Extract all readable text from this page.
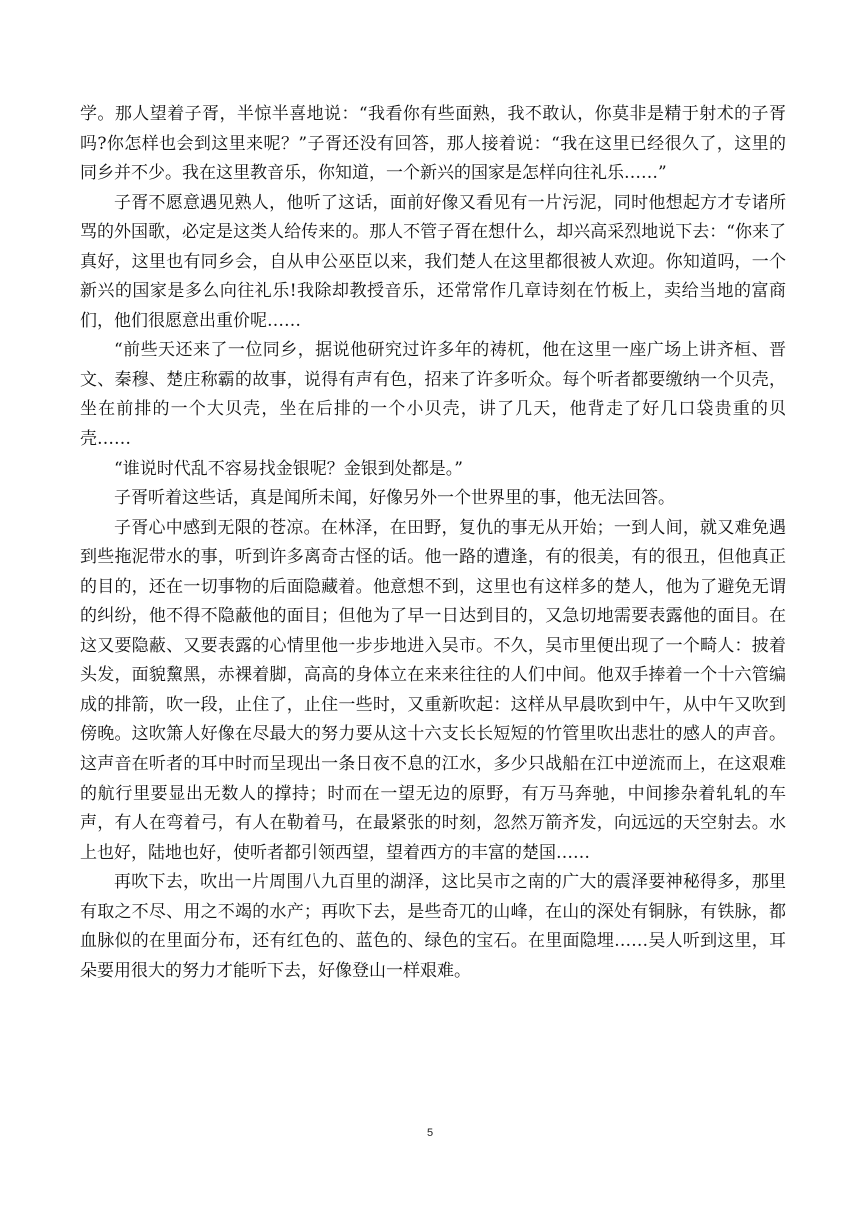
学。那人望着子胥，半惊半喜地说：“我看你有些面熟，我不敢认，你莫非是精于射术的子胥吗?你怎样也会到这里来呢？”子胥还没有回答，那人接着说：“我在这里已经很久了，这里的同乡并不少。我在这里教音乐，你知道，一个新兴的国家是怎样向往礼乐……”

子胥不愿意遇见熟人，他听了这话，面前好像又看见有一片污泥，同时他想起方才专诸所骂的外国歌，必定是这类人给传来的。那人不管子胥在想什么，却兴高采烈地说下去：“你来了真好，这里也有同乡会，自从申公巫臣以来，我们楚人在这里都很被人欢迎。你知道吗，一个新兴的国家是多么向往礼乐!我除却教授音乐，还常常作几章诗刻在竹板上，卖给当地的富商们，他们很愿意出重价呢……

“前些天还来了一位同乡，据说他研究过许多年的祷杌，他在这里一座广场上讲齐桓、晋文、秦穆、楚庄称霸的故事，说得有声有色，招来了许多听众。每个听者都要缴纳一个贝壳，坐在前排的一个大贝壳，坐在后排的一个小贝壳，讲了几天，他背走了好几口袋贵重的贝壳……

“谁说时代乱不容易找金银呢？金银到处都是。”

子胥听着这些话，真是闻所未闻，好像另外一个世界里的事，他无法回答。

子胥心中感到无限的苍凉。在林泽，在田野，复仇的事无从开始；一到人间，就又难免遇到些拖泥带水的事，听到许多离奇古怪的话。他一路的遭逢，有的很美，有的很丑，但他真正的目的，还在一切事物的后面隐藏着。他意想不到，这里也有这样多的楚人，他为了避免无谓的纠纷，他不得不隐蔽他的面目；但他为了早一日达到目的，又急切地需要表露他的面目。在这又要隐蔽、又要表露的心情里他一步步地进入吴市。不久，吴市里便出现了一个畸人：披着头发，面貌黧黑，赤裸着脚，高高的身体立在来来往往的人们中间。他双手捧着一个十六管编成的排箭，吹一段，止住了，止住一些时，又重新吹起：这样从早晨吹到中午，从中午又吹到傍晚。这吹箫人好像在尽最大的努力要从这十六支长长短短的竹管里吹出悲壮的感人的声音。这声音在听者的耳中时而呈现出一条日夜不息的江水，多少只战船在江中逆流而上，在这艰难的航行里要显出无数人的撑持；时而在一望无边的原野，有万马奔驰，中间掺杂着轧轧的车声，有人在弯着弓，有人在勒着马，在最紧张的时刻，忽然万箭齐发，向远远的天空射去。水上也好，陆地也好，使听者都引领西望，望着西方的丰富的楚国……

再吹下去，吹出一片周围八九百里的湖泽，这比吴市之南的广大的震泽要神秘得多，那里有取之不尽、用之不竭的水产；再吹下去，是些奇兀的山峰，在山的深处有铜脉，有铁脉，都血脉似的在里面分布，还有红色的、蓝色的、绿色的宝石。在里面隐埋……吴人听到这里，耳朵要用很大的努力才能听下去，好像登山一样艰难。

5
